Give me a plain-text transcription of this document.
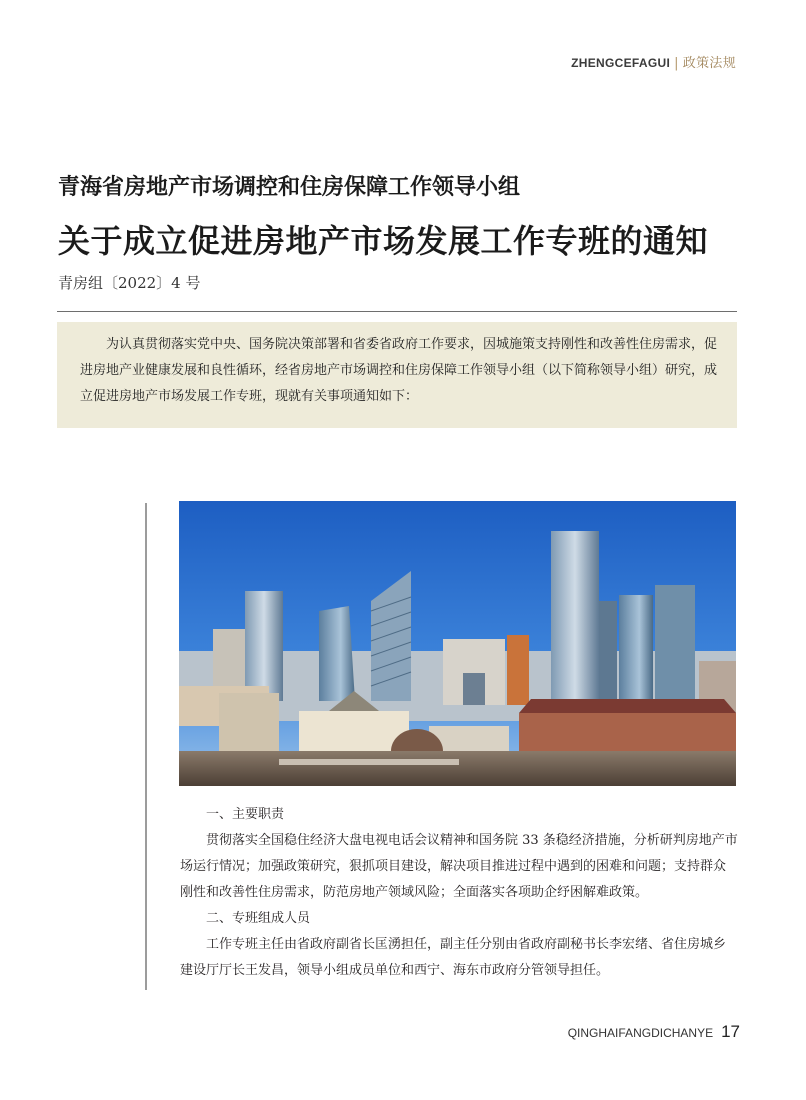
ZHENGCEFAGUI | 政策法规
青海省房地产市场调控和住房保障工作领导小组
关于成立促进房地产市场发展工作专班的通知
青房组〔2022〕4 号

为认真贯彻落实党中央、国务院决策部署和省委省政府工作要求，因城施策支持刚性和改善性住房需求，促进房地产业健康发展和良性循环，经省房地产市场调控和住房保障工作领导小组（以下简称领导小组）研究，成立促进房地产市场发展工作专班，现就有关事项通知如下：

一、主要职责

贯彻落实全国稳住经济大盘电视电话会议精神和国务院 33 条稳经济措施，分析研判房地产市场运行情况；加强政策研究，狠抓项目建设，解决项目推进过程中遇到的困难和问题；支持群众刚性和改善性住房需求，防范房地产领域风险；全面落实各项助企纾困解难政策。

二、专班组成人员

工作专班主任由省政府副省长匡湧担任，副主任分别由省政府副秘书长李宏绪、省住房城乡建设厅厅长王发昌，领导小组成员单位和西宁、海东市政府分管领导担任。

QINGHAIFANGDICHANYE 17
